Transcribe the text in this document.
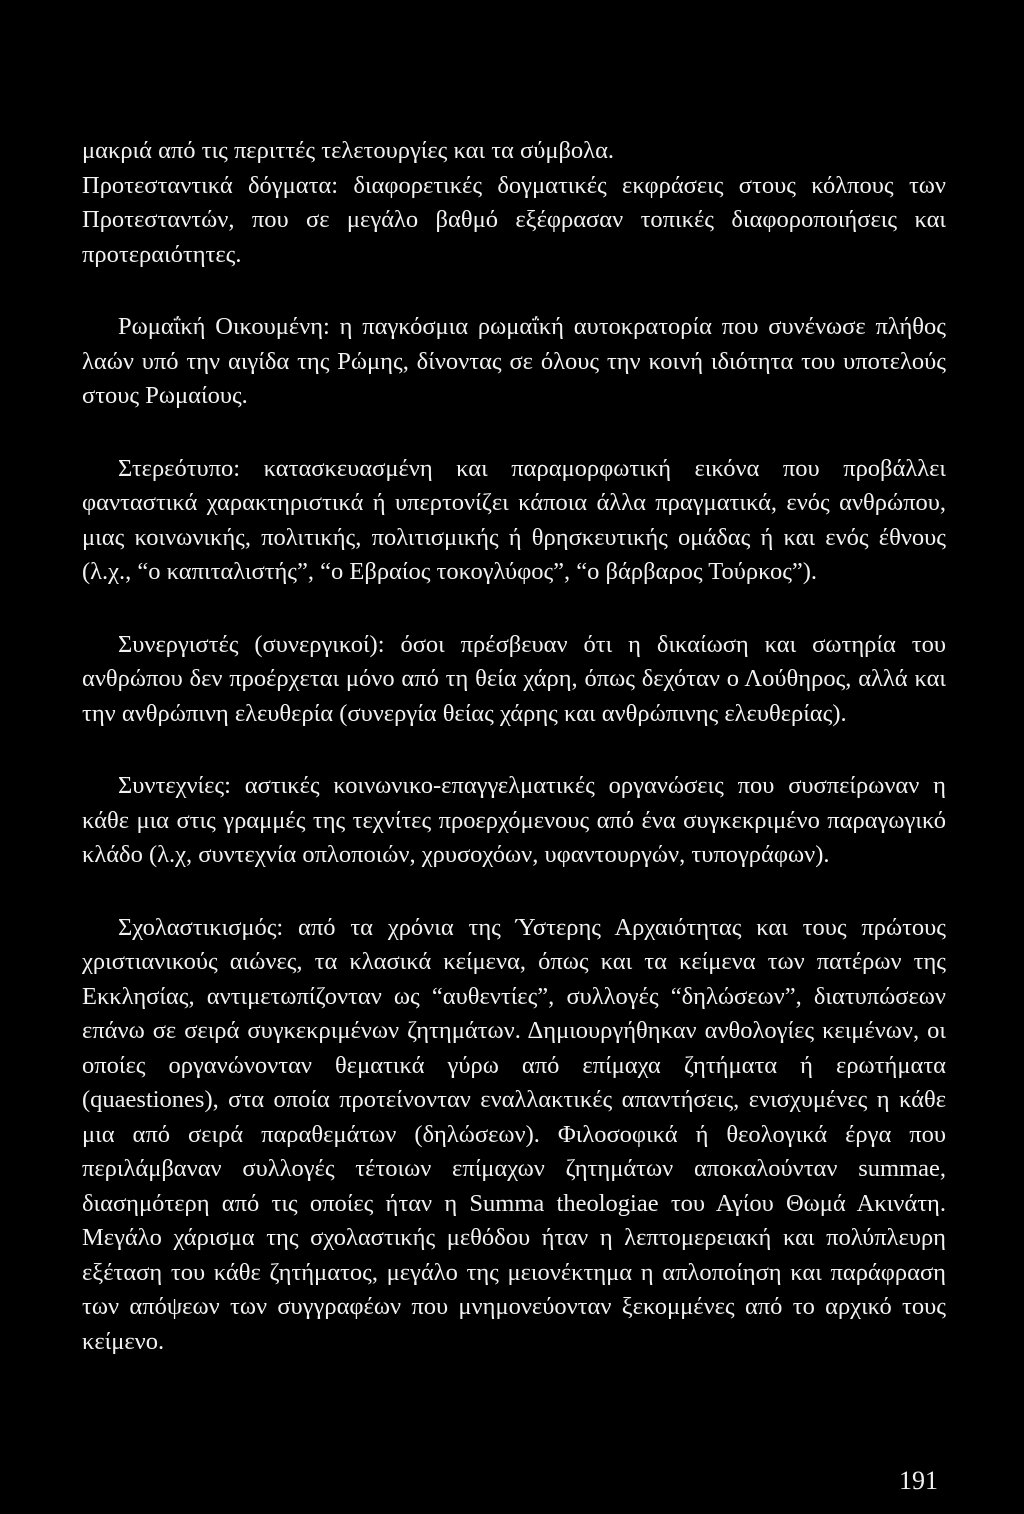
μακριά από τις περιττές τελετουργίες και τα σύμβολα.
Προτεσταντικά δόγματα: διαφορετικές δογματικές εκφράσεις στους κόλπους των Προτεσταντών, που σε μεγάλο βαθμό εξέφρασαν τοπικές διαφοροποιήσεις και προτεραιότητες.

Ρωμαΐκή Οικουμένη: η παγκόσμια ρωμαΐκή αυτοκρατορία που συνένωσε πλήθος λαών υπό την αιγίδα της Ρώμης, δίνοντας σε όλους την κοινή ιδιότητα του υποτελούς στους Ρωμαίους.

Στερεότυπο: κατασκευασμένη και παραμορφωτική εικόνα που προβάλλει φανταστικά χαρακτηριστικά ή υπερτονίζει κάποια άλλα πραγματικά, ενός ανθρώπου, μιας κοινωνικής, πολιτικής, πολιτισμικής ή θρησκευτικής ομάδας ή και ενός έθνους (λ.χ., “ο καπιταλιστής”, “ο Εβραίος τοκογλύφος”, “ο βάρβαρος Τούρκος”).

Συνεργιστές (συνεργικοί): όσοι πρέσβευαν ότι η δικαίωση και σωτηρία του ανθρώπου δεν προέρχεται μόνο από τη θεία χάρη, όπως δεχόταν ο Λούθηρος, αλλά και την ανθρώπινη ελευθερία (συνεργία θείας χάρης και ανθρώπινης ελευθερίας).

Συντεχνίες: αστικές κοινωνικο-επαγγελματικές οργανώσεις που συσπείρωναν η κάθε μια στις γραμμές της τεχνίτες προερχόμενους από ένα συγκεκριμένο παραγωγικό κλάδο (λ.χ, συντεχνία οπλοποιών, χρυσοχόων, υφαντουργών, τυπογράφων).

Σχολαστικισμός: από τα χρόνια της Ύστερης Αρχαιότητας και τους πρώτους χριστιανικούς αιώνες, τα κλασικά κείμενα, όπως και τα κείμενα των πατέρων της Εκκλησίας, αντιμετωπίζονταν ως “αυθεντίες”, συλλογές “δηλώσεων”, διατυπώσεων επάνω σε σειρά συγκεκριμένων ζητημάτων. Δημιουργήθηκαν ανθολογίες κειμένων, οι οποίες οργανώνονταν θεματικά γύρω από επίμαχα ζητήματα ή ερωτήματα (quaestiones), στα οποία προτείνονταν εναλλακτικές απαντήσεις, ενισχυμένες η κάθε μια από σειρά παραθεμάτων (δηλώσεων). Φιλοσοφικά ή θεολογικά έργα που περιλάμβαναν συλλογές τέτοιων επίμαχων ζητημάτων αποκαλούνταν summae, διασημότερη από τις οποίες ήταν η Summa theologiae του Αγίου Θωμά Ακινάτη. Μεγάλο χάρισμα της σχολαστικής μεθόδου ήταν η λεπτομερειακή και πολύπλευρη εξέταση του κάθε ζητήματος, μεγάλο της μειονέκτημα η απλοποίηση και παράφραση των απόψεων των συγγραφέων που μνημονεύονταν ξεκομμένες από το αρχικό τους κείμενο.

191
